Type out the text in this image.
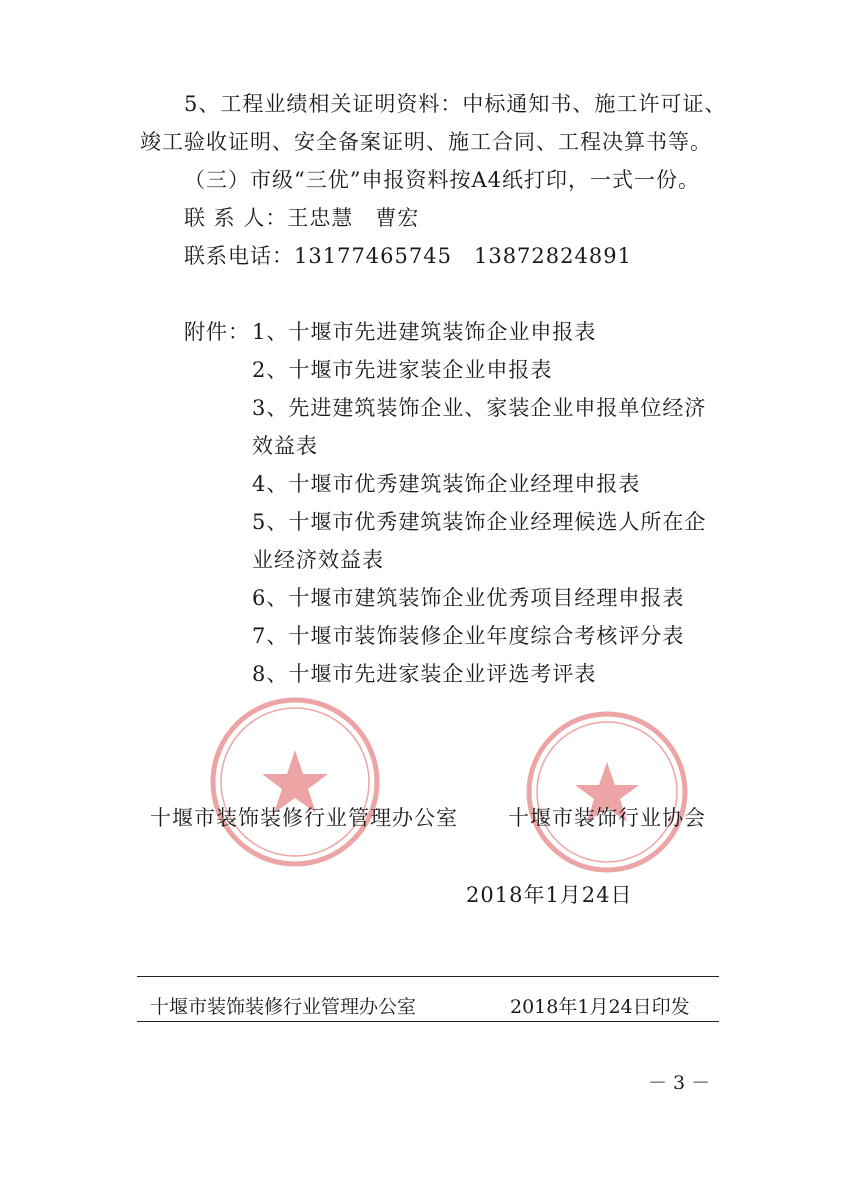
5、工程业绩相关证明资料：中标通知书、施工许可证、
竣工验收证明、安全备案证明、施工合同、工程决算书等。
（三）市级“三优”申报资料按A4纸打印，一式一份。
联 系 人：王忠慧　曹宏
联系电话：13177465745　13872824891
附件： 1、十堰市先进建筑装饰企业申报表
2、十堰市先进家装企业申报表
3、先进建筑装饰企业、家装企业申报单位经济
效益表
4、十堰市优秀建筑装饰企业经理申报表
5、十堰市优秀建筑装饰企业经理候选人所在企
业经济效益表
6、十堰市建筑装饰企业优秀项目经理申报表
7、十堰市装饰装修企业年度综合考核评分表
8、十堰市先进家装企业评选考评表
十堰市装饰装修行业管理办公室 十堰市装饰行业协会
2018年1月24日
十堰市装饰装修行业管理办公室	2018年1月24日印发
－ 3 －
